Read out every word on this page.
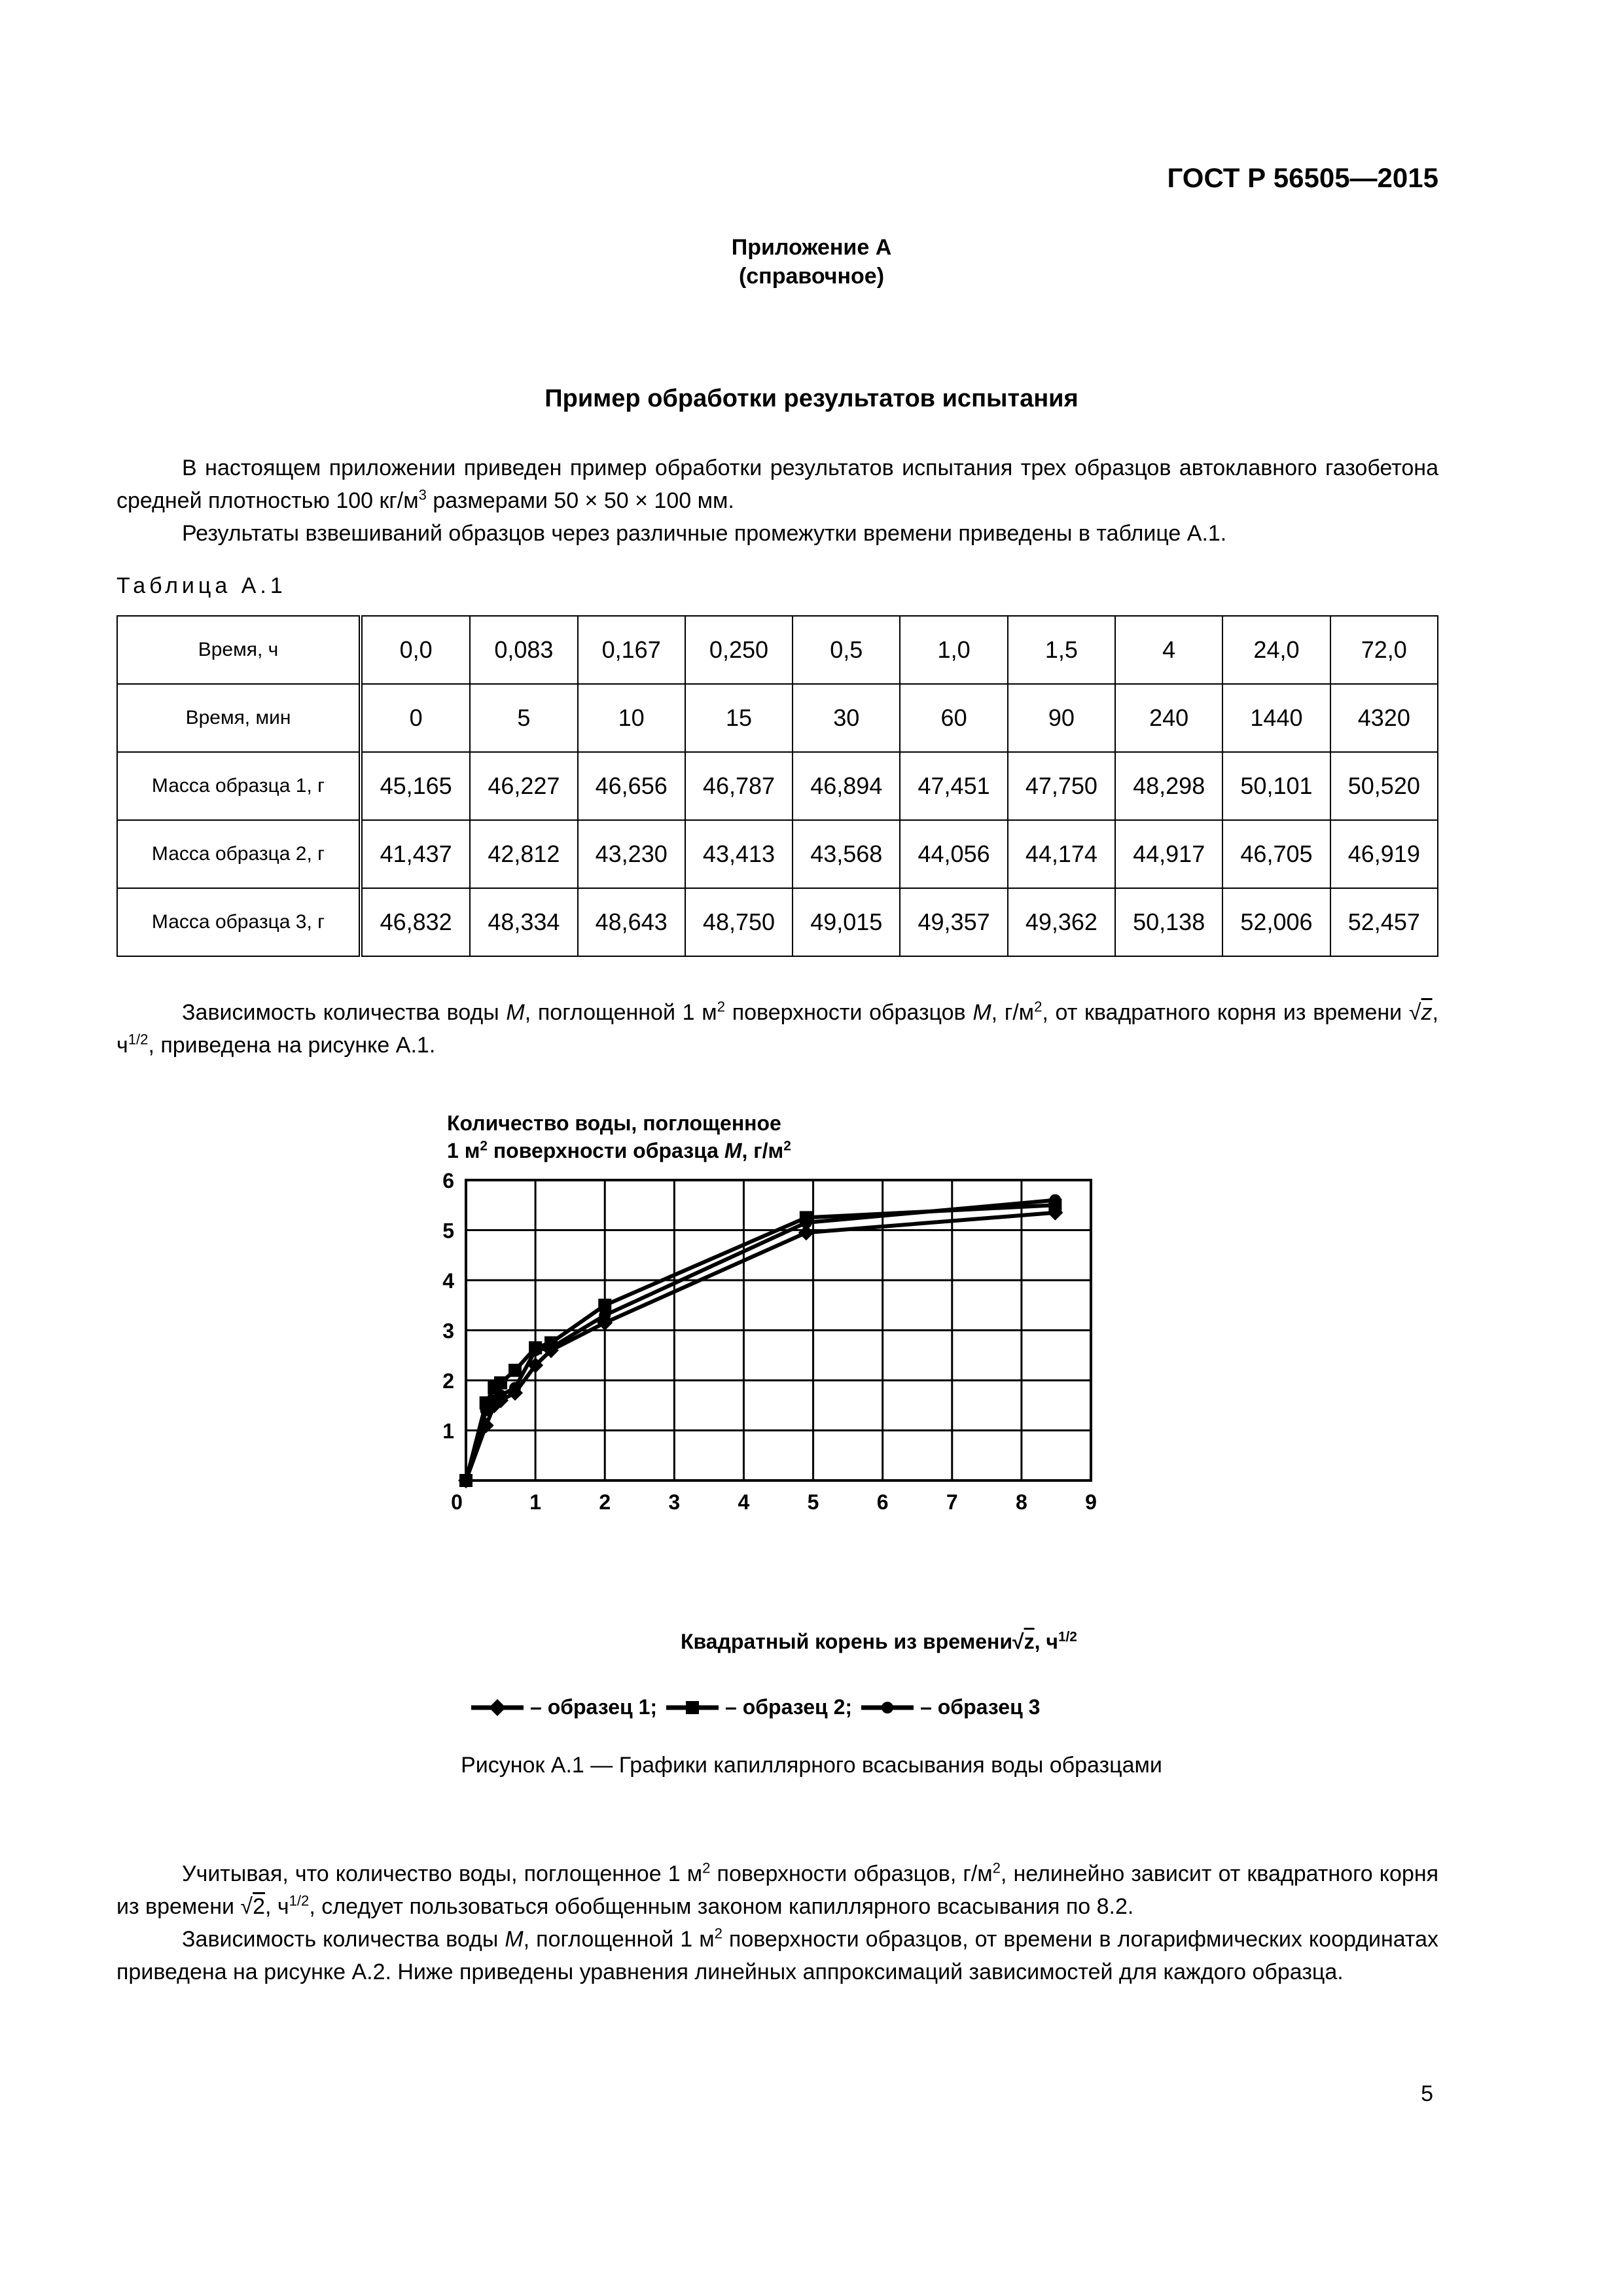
ГОСТ Р 56505—2015
Приложение А
(справочное)
Пример обработки результатов испытания

В настоящем приложении приведен пример обработки результатов испытания трех образцов автоклавного газобетона средней плотностью 100 $кг/м^3$ размерами 50 × 50 × 100 мм.

Результаты взвешиваний образцов через различные промежутки времени приведены в таблице А.1.

Таблица А.1
Время, ч	0,0	0,083	0,167	0,250	0,5	1,0	1,5	4	24,0	72,0
Время, мин	0	5	10	15	30	60	90	240	1440	4320
Масса образца 1, г	45,165	46,227	46,656	46,787	46,894	47,451	47,750	48,298	50,101	50,520
Масса образца 2, г	41,437	42,812	43,230	43,413	43,568	44,056	44,174	44,917	46,705	46,919
Масса образца 3, г	46,832	48,334	48,643	48,750	49,015	49,357	49,362	50,138	52,006	52,457

Зависимость количества воды M, поглощенной 1 $м^2$ поверхности образцов M, $г/м^2$, от квадратного корня из времени √z, $ч^{1/2}$, приведена на рисунке А.1.

Количество воды, поглощенное
1 $м^2$ поверхности образца M, $г/м^2$
0	1	2	3	4	5	6	7	8	9
1
2
3
4
5
6
Квадратный корень из времени√z, $ч^{1/2}$
– образец 1;	– образец 2;	– образец 3
Рисунок А.1 — Графики капиллярного всасывания воды образцами

Учитывая, что количество воды, поглощенное 1 $м^2$ поверхности образцов, $г/м^2$, нелинейно зависит от квадратного корня из времени √2, $ч^{1/2}$, следует пользоваться обобщенным законом капиллярного всасывания по 8.2.

Зависимость количества воды M, поглощенной 1 $м^2$ поверхности образцов, от времени в логарифмических координатах приведена на рисунке А.2. Ниже приведены уравнения линейных аппроксимаций зависимостей для каждого образца.

5
